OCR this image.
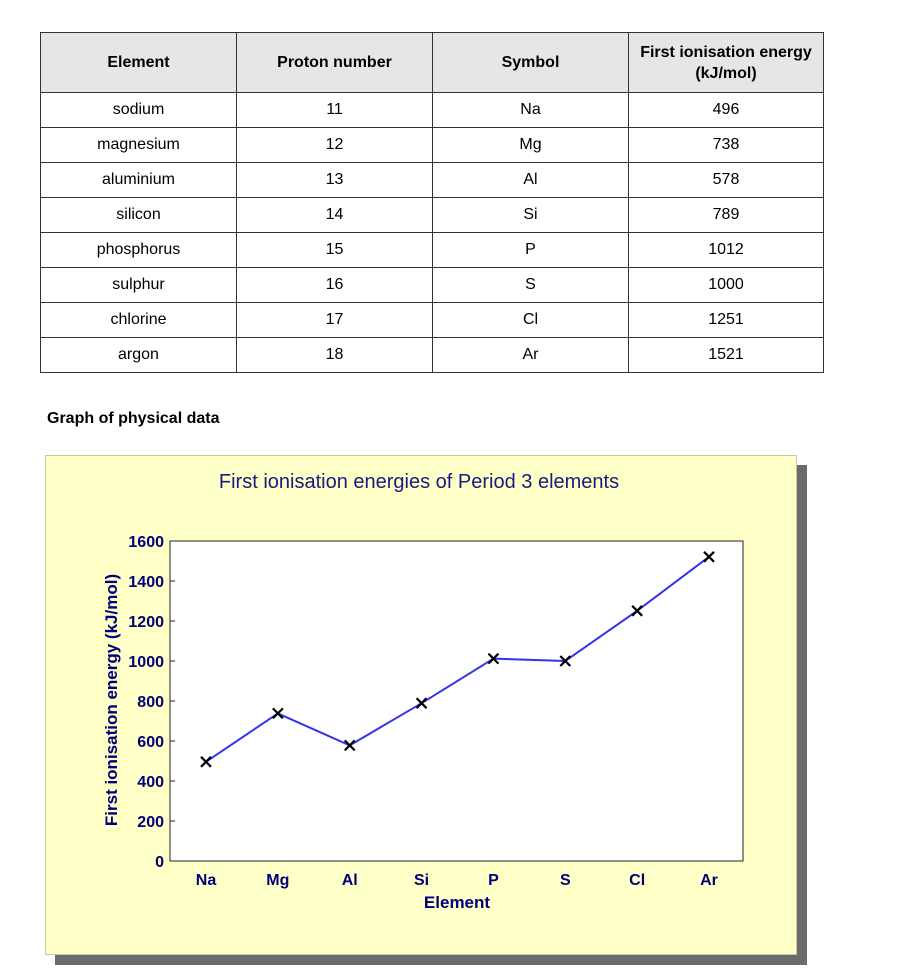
Element	Proton number	Symbol	First ionisation energy
(kJ/mol)
sodium	11	Na	496
magnesium	12	Mg	738
aluminium	13	Al	578
silicon	14	Si	789
phosphorus	15	P	1012
sulphur	16	S	1000
chlorine	17	Cl	1251
argon	18	Ar	1521
Graph of physical data
First ionisation energies of Period 3 elements
0
200
400
600
800
1000
1200
1400
1600
Na	Mg	Al	Si	P	S	Cl	Ar
Element
First ionisation energy (kJ/mol)
